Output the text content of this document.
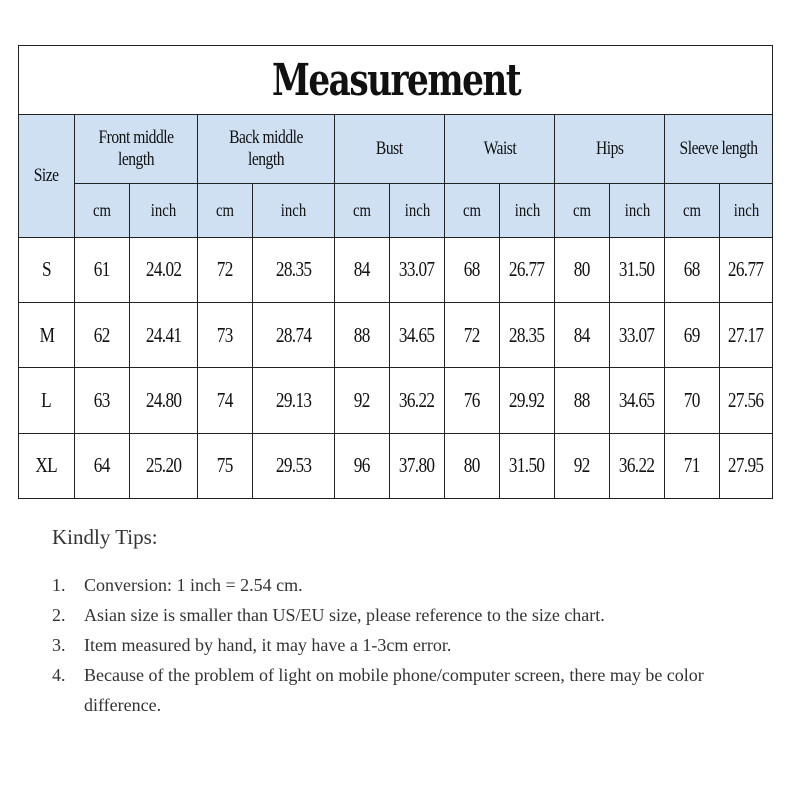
Measurement												
Size	Front middle length		Back middle length		Bust		Waist		Hips		Sleeve length	
	cm	inch	cm	inch	cm	inch	cm	inch	cm	inch	cm	inch
S	61	24.02	72	28.35	84	33.07	68	26.77	80	31.50	68	26.77
M	62	24.41	73	28.74	88	34.65	72	28.35	84	33.07	69	27.17
L	63	24.80	74	29.13	92	36.22	76	29.92	88	34.65	70	27.56
XL	64	25.20	75	29.53	96	37.80	80	31.50	92	36.22	71	27.95
Kindly Tips:
1. Conversion: 1 inch = 2.54 cm.
2. Asian size is smaller than US/EU size, please reference to the size chart.
3. Item measured by hand, it may have a 1-3cm error.
4. Because of the problem of light on mobile phone/computer screen, there may be color difference.
